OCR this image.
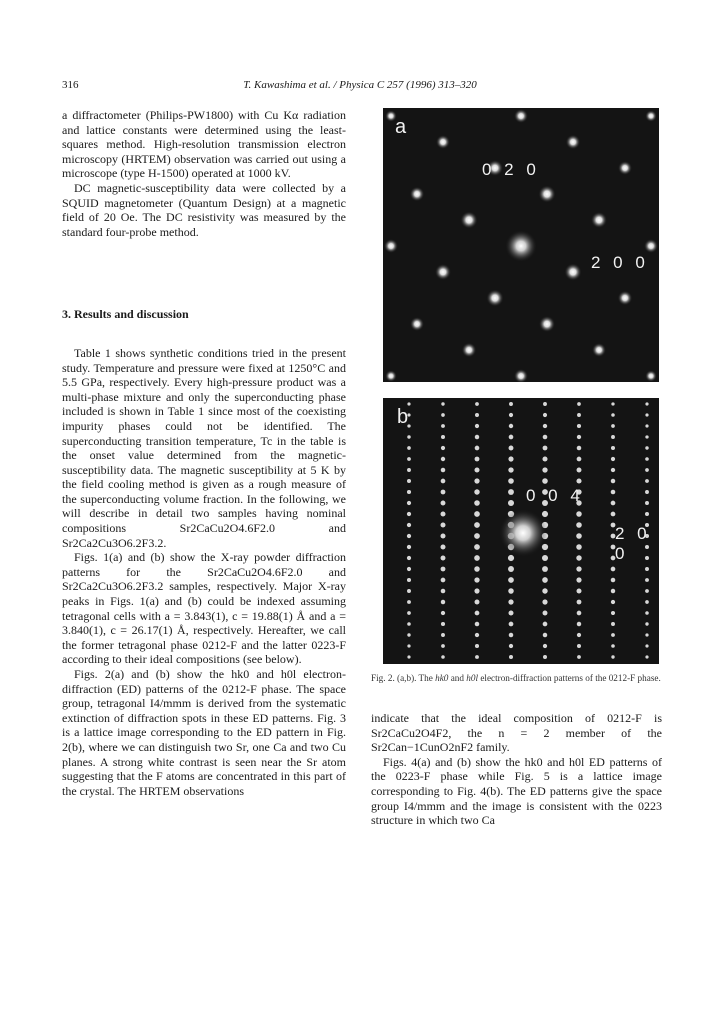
316	T. Kawashima et al. / Physica C 257 (1996) 313–320

a diffractometer (Philips-PW1800) with Cu Kα radiation and lattice constants were determined using the least-squares method. High-resolution transmission electron microscopy (HRTEM) observation was carried out using a microscope (type H-1500) operated at 1000 kV.

DC magnetic-susceptibility data were collected by a SQUID magnetometer (Quantum Design) at a magnetic field of 20 Oe. The DC resistivity was measured by the standard four-probe method.

3. Results and discussion

Table 1 shows synthetic conditions tried in the present study. Temperature and pressure were fixed at 1250°C and 5.5 GPa, respectively. Every high-pressure product was a multi-phase mixture and only the superconducting phase included is shown in Table 1 since most of the coexisting impurity phases could not be identified. The superconducting transition temperature, Tc in the table is the onset value determined from the magnetic-susceptibility data. The magnetic susceptibility at 5 K by the field cooling method is given as a rough measure of the superconducting volume fraction. In the following, we will describe in detail two samples having nominal compositions Sr2CaCu2O4.6F2.0 and Sr2Ca2Cu3O6.2F3.2.

Figs. 1(a) and (b) show the X-ray powder diffraction patterns for the Sr2CaCu2O4.6F2.0 and Sr2Ca2Cu3O6.2F3.2 samples, respectively. Major X-ray peaks in Figs. 1(a) and (b) could be indexed assuming tetragonal cells with a = 3.843(1), c = 19.88(1) Å and a = 3.840(1), c = 26.17(1) Å, respectively. Hereafter, we call the former tetragonal phase 0212-F and the latter 0223-F according to their ideal compositions (see below).

Figs. 2(a) and (b) show the hk0 and h0l electron-diffraction (ED) patterns of the 0212-F phase. The space group, tetragonal I4/mmm is derived from the systematic extinction of diffraction spots in these ED patterns. Fig. 3 is a lattice image corresponding to the ED pattern in Fig. 2(b), where we can distinguish two Sr, one Ca and two Cu planes. A strong white contrast is seen near the Sr atom suggesting that the F atoms are concentrated in this part of the crystal. The HRTEM observations

a
0 2 0
2 0 0
b
0 0 4
2 0 0
Fig. 2. (a,b). The hk0 and h0l electron-diffraction patterns of the 0212-F phase.

indicate that the ideal composition of 0212-F is Sr2CaCu2O4F2, the n = 2 member of the Sr2Can−1CunO2nF2 family.

Figs. 4(a) and (b) show the hk0 and h0l ED patterns of the 0223-F phase while Fig. 5 is a lattice image corresponding to Fig. 4(b). The ED patterns give the space group I4/mmm and the image is consistent with the 0223 structure in which two Ca
